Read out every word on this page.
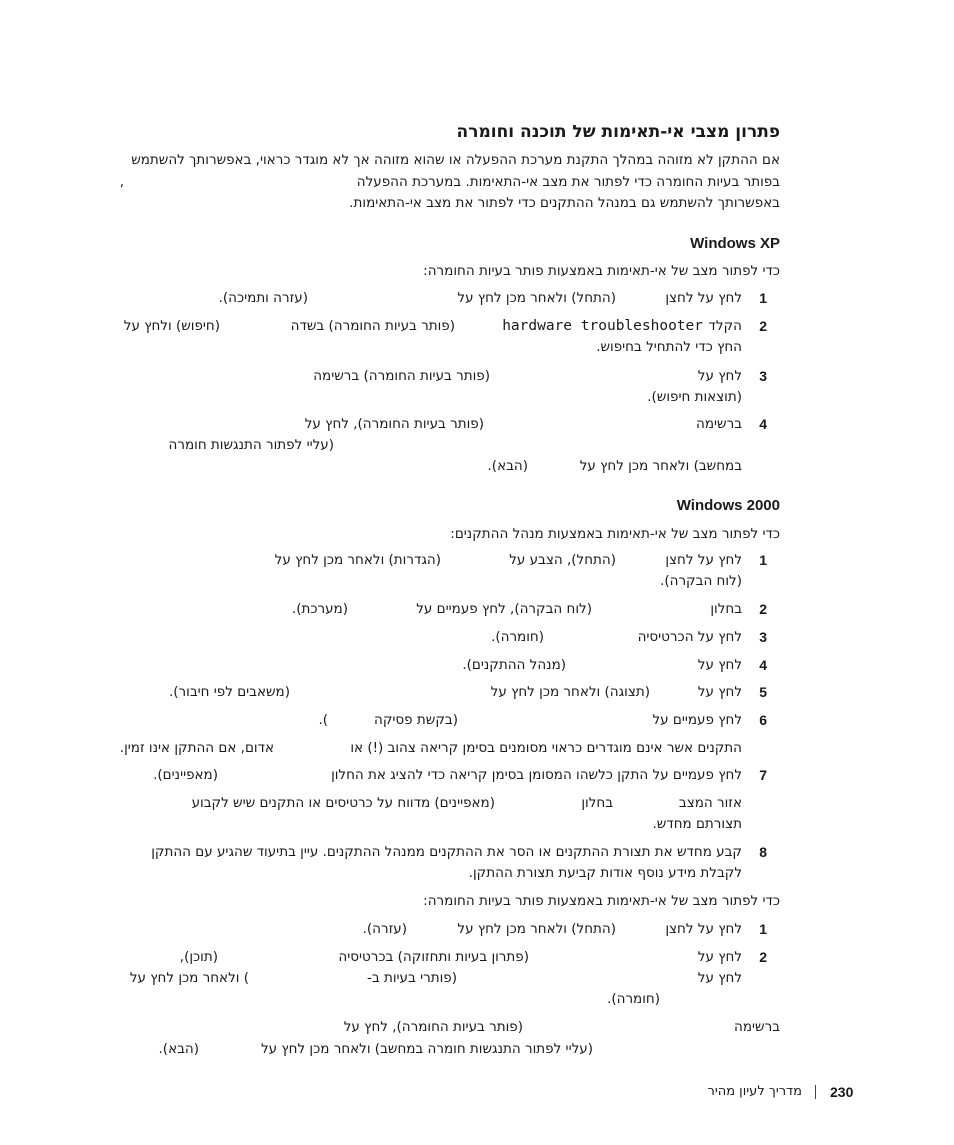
פתרון מצבי אי-תאימות של תוכנה וחומרה
אם ההתקן לא מזוהה במהלך התקנת מערכת ההפעלה או שהוא מזוהה אך לא מוגדר כראוי, באפשרותך להשתמש
בפותר בעיות החומרה כדי לפתור את מצב אי-התאימות. במערכת ההפעלה
,
באפשרותך להשתמש גם במנהל ההתקנים כדי לפתור את מצב אי-התאימות.
Windows XP
כדי לפתור מצב של אי-תאימות באמצעות פותר בעיות החומרה:
1
לחץ על לחצן
(התחל) ולאחר מכן לחץ על
(עזרה ותמיכה).
2
הקלד
hardware troubleshooter
(פותר בעיות החומרה) בשדה
(חיפוש) ולחץ על
החץ כדי להתחיל בחיפוש.
3
לחץ על
(פותר בעיות החומרה) ברשימה
(תוצאות חיפוש).
4
ברשימה
(פותר בעיות החומרה), לחץ על
(עליי לפתור התנגשות חומרה
במחשב) ולאחר מכן לחץ על
(הבא).
Windows 2000
כדי לפתור מצב של אי-תאימות באמצעות מנהל ההתקנים:
1
לחץ על לחצן
(התחל), הצבע על
(הגדרות) ולאחר מכן לחץ על
(לוח הבקרה).
2
בחלון
(לוח הבקרה), לחץ פעמיים על
(מערכת).
3
לחץ על הכרטיסיה
(חומרה).
4
לחץ על
(מנהל ההתקנים).
5
לחץ על
(תצוגה) ולאחר מכן לחץ על
(משאבים לפי חיבור).
6
לחץ פעמיים על
(בקשת פסיקה
).
התקנים אשר אינם מוגדרים כראוי מסומנים בסימן קריאה צהוב (!) או
אדום, אם ההתקן אינו זמין.
7
לחץ פעמיים על התקן כלשהו המסומן בסימן קריאה כדי להציג את החלון
(מאפיינים).
אזור המצב
בחלון
(מאפיינים) מדווח על כרטיסים או התקנים שיש לקבוע
תצורתם מחדש.
8
קבע מחדש את תצורת ההתקנים או הסר את ההתקנים ממנהל ההתקנים. עיין בתיעוד שהגיע עם ההתקן
לקבלת מידע נוסף אודות קביעת תצורת ההתקן.
כדי לפתור מצב של אי-תאימות באמצעות פותר בעיות החומרה:
1
לחץ על לחצן
(התחל) ולאחר מכן לחץ על
(עזרה).
2
לחץ על
(פתרון בעיות ותחזוקה) בכרטיסיה
(תוכן),
לחץ על
(פותרי בעיות ב-
) ולאחר מכן לחץ על
(חומרה).
ברשימה
(פותר בעיות החומרה), לחץ על
(עליי לפתור התנגשות חומרה במחשב) ולאחר מכן לחץ על
(הבא).
230
מדריך לעיון מהיר
